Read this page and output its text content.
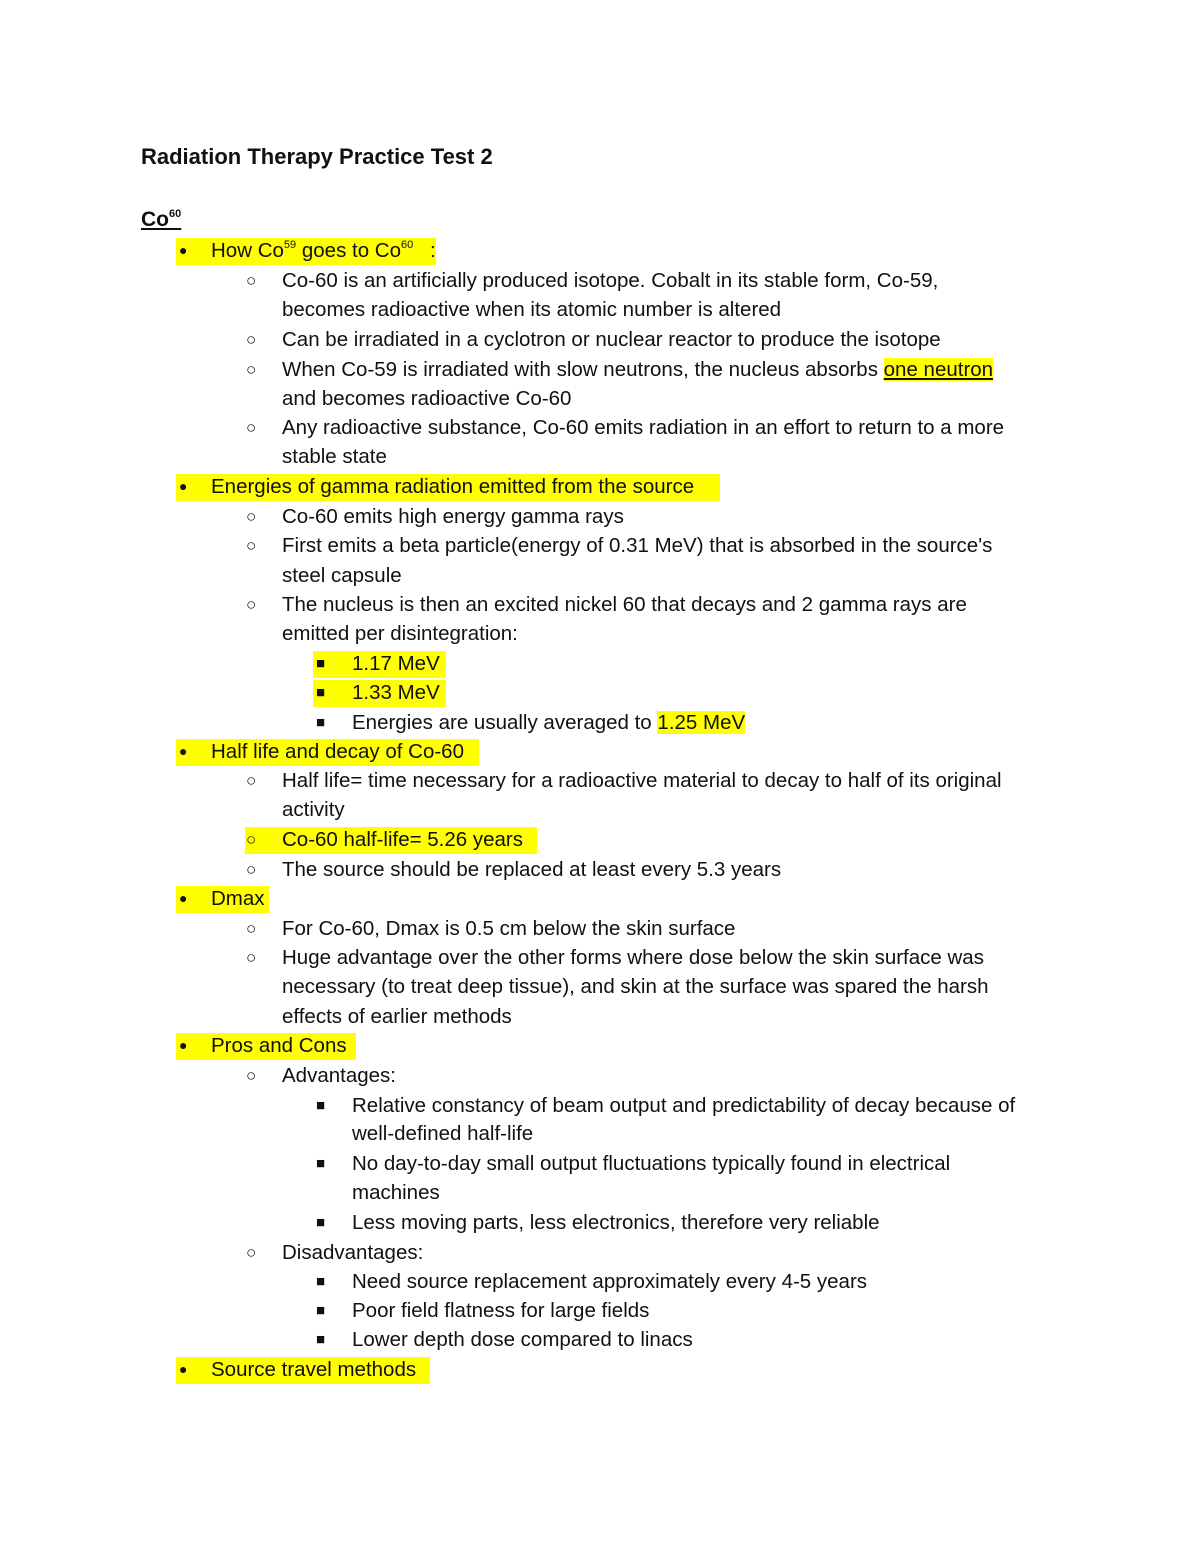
Radiation Therapy Practice Test 2
Co$^{60}$
● How Co$^{59}$ goes to Co$^{60}$ :
○ Co-60 is an artificially produced isotope. Cobalt in its stable form, Co-59,
becomes radioactive when its atomic number is altered
○ Can be irradiated in a cyclotron or nuclear reactor to produce the isotope
○ When Co-59 is irradiated with slow neutrons, the nucleus absorbs one neutron
and becomes radioactive Co-60
○ Any radioactive substance, Co-60 emits radiation in an effort to return to a more
stable state
● Energies of gamma radiation emitted from the source
○ Co-60 emits high energy gamma rays
○ First emits a beta particle(energy of 0.31 MeV) that is absorbed in the source's
steel capsule
○ The nucleus is then an excited nickel 60 that decays and 2 gamma rays are
emitted per disintegration:
■ 1.17 MeV
■ 1.33 MeV
■ Energies are usually averaged to 1.25 MeV
● Half life and decay of Co-60
○ Half life= time necessary for a radioactive material to decay to half of its original
activity
○ Co-60 half-life= 5.26 years
○ The source should be replaced at least every 5.3 years
● Dmax
○ For Co-60, Dmax is 0.5 cm below the skin surface
○ Huge advantage over the other forms where dose below the skin surface was
necessary (to treat deep tissue), and skin at the surface was spared the harsh
effects of earlier methods
● Pros and Cons
○ Advantages:
■ Relative constancy of beam output and predictability of decay because of
well-defined half-life
■ No day-to-day small output fluctuations typically found in electrical
machines
■ Less moving parts, less electronics, therefore very reliable
○ Disadvantages:
■ Need source replacement approximately every 4-5 years
■ Poor field flatness for large fields
■ Lower depth dose compared to linacs
● Source travel methods
